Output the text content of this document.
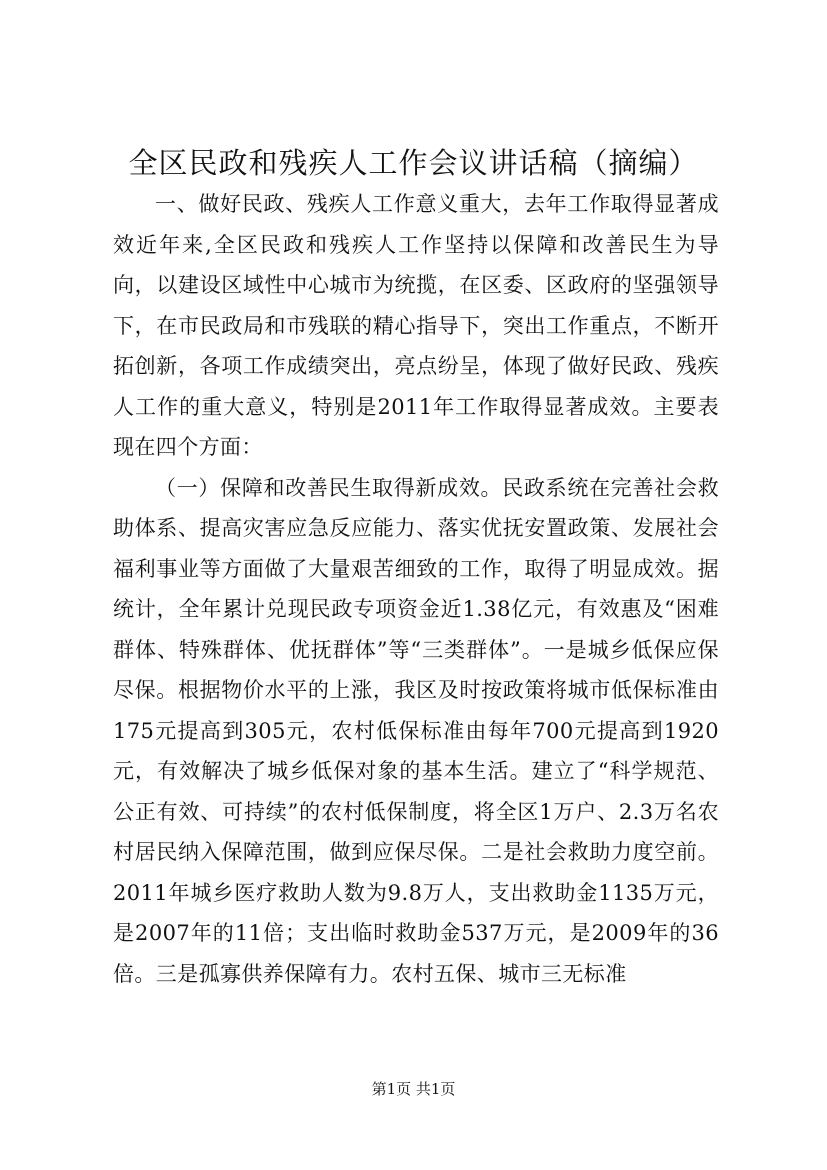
全区民政和残疾人工作会议讲话稿（摘编）

一、做好民政、残疾人工作意义重大，去年工作取得显著成效近年来,全区民政和残疾人工作坚持以保障和改善民生为导向，以建设区域性中心城市为统揽，在区委、区政府的坚强领导下，在市民政局和市残联的精心指导下，突出工作重点，不断开拓创新，各项工作成绩突出，亮点纷呈，体现了做好民政、残疾人工作的重大意义，特别是2011年工作取得显著成效。主要表现在四个方面：

（一）保障和改善民生取得新成效。民政系统在完善社会救助体系、提高灾害应急反应能力、落实优抚安置政策、发展社会福利事业等方面做了大量艰苦细致的工作，取得了明显成效。据统计，全年累计兑现民政专项资金近1.38亿元，有效惠及“困难群体、特殊群体、优抚群体”等“三类群体”。一是城乡低保应保尽保。根据物价水平的上涨，我区及时按政策将城市低保标准由175元提高到305元，农村低保标准由每年700元提高到1920元，有效解决了城乡低保对象的基本生活。建立了“科学规范、公正有效、可持续”的农村低保制度，将全区1万户、2.3万名农村居民纳入保障范围，做到应保尽保。二是社会救助力度空前。2011年城乡医疗救助人数为9.8万人，支出救助金1135万元，是2007年的11倍；支出临时救助金537万元，是2009年的36倍。三是孤寡供养保障有力。农村五保、城市三无标准

第1页 共1页
